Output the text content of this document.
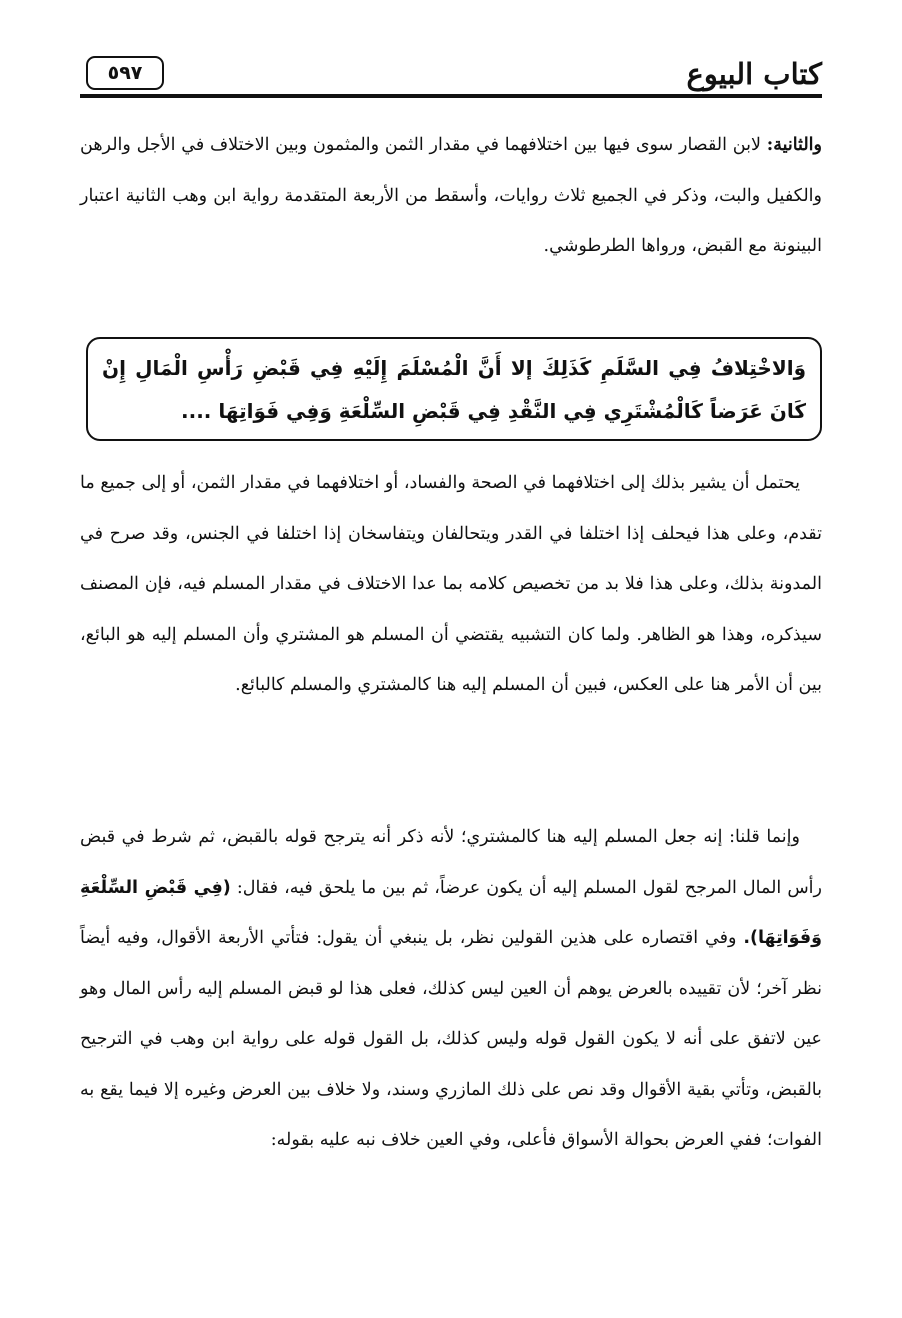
كتاب البيوع
٥٩٧

والثانية: لابن القصار سوى فيها بين اختلافهما في مقدار الثمن والمثمون وبين الاختلاف في الأجل والرهن والكفيل والبت، وذكر في الجميع ثلاث روايات، وأسقط من الأربعة المتقدمة رواية ابن وهب الثانية اعتبار البينونة مع القبض، ورواها الطرطوشي.

وَالاخْتِلافُ فِي السَّلَمِ كَذَلِكَ إلا أَنَّ الْمُسْلَمَ إِلَيْهِ فِي قَبْضِ رَأْسِ الْمَالِ إِنْ كَانَ عَرَضاً كَالْمُشْتَرِي فِي النَّقْدِ فِي قَبْضِ السِّلْعَةِ وَفِي فَوَاتِهَا ....

يحتمل أن يشير بذلك إلى اختلافهما في الصحة والفساد، أو اختلافهما في مقدار الثمن، أو إلى جميع ما تقدم، وعلى هذا فيحلف إذا اختلفا في القدر ويتحالفان ويتفاسخان إذا اختلفا في الجنس، وقد صرح في المدونة بذلك، وعلى هذا فلا بد من تخصيص كلامه بما عدا الاختلاف في مقدار المسلم فيه، فإن المصنف سيذكره، وهذا هو الظاهر. ولما كان التشبيه يقتضي أن المسلم هو المشتري وأن المسلم إليه هو البائع، بين أن الأمر هنا على العكس، فبين أن المسلم إليه هنا كالمشتري والمسلم كالبائع.

وإنما قلنا: إنه جعل المسلم إليه هنا كالمشتري؛ لأنه ذكر أنه يترجح قوله بالقبض، ثم شرط في قبض رأس المال المرجح لقول المسلم إليه أن يكون عرضاً، ثم بين ما يلحق فيه، فقال: (فِي قَبْضِ السِّلْعَةِ وَفَوَاتِهَا). وفي اقتصاره على هذين القولين نظر، بل ينبغي أن يقول: فتأتي الأربعة الأقوال، وفيه أيضاً نظر آخر؛ لأن تقييده بالعرض يوهم أن العين ليس كذلك، فعلى هذا لو قبض المسلم إليه رأس المال وهو عين لاتفق على أنه لا يكون القول قوله وليس كذلك، بل القول قوله على رواية ابن وهب في الترجيح بالقبض، وتأتي بقية الأقوال وقد نص على ذلك المازري وسند، ولا خلاف بين العرض وغيره إلا فيما يقع به الفوات؛ ففي العرض بحوالة الأسواق فأعلى، وفي العين خلاف نبه عليه بقوله:
